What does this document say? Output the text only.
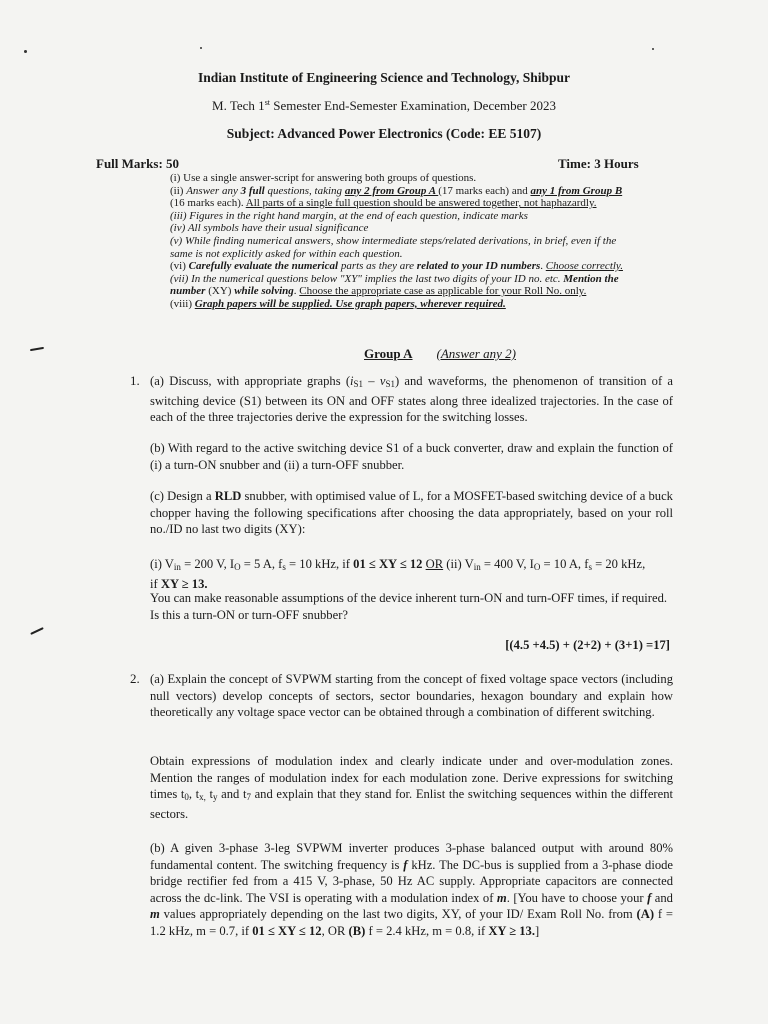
Indian Institute of Engineering Science and Technology, Shibpur
M. Tech 1st Semester End-Semester Examination, December 2023
Subject: Advanced Power Electronics (Code: EE 5107)
Full Marks: 50	Time: 3 Hours
(i) Use a single answer-script for answering both groups of questions.
(ii) Answer any 3 full questions, taking any 2 from Group A (17 marks each) and any 1 from Group B
(16 marks each). All parts of a single full question should be answered together, not haphazardly.
(iii) Figures in the right hand margin, at the end of each question, indicate marks
(iv) All symbols have their usual significance
(v) While finding numerical answers, show intermediate steps/related derivations, in brief, even if the
same is not explicitly asked for within each question.
(vi) Carefully evaluate the numerical parts as they are related to your ID numbers. Choose correctly.
(vii) In the numerical questions below "XY" implies the last two digits of your ID no. etc. Mention the
number (XY) while solving. Choose the appropriate case as applicable for your Roll No. only.
(viii) Graph papers will be supplied. Use graph papers, wherever required.
Group A (Answer any 2)
1. (a) Discuss, with appropriate graphs $(i_{S1} - v_{S1})$ and waveforms, the phenomenon of transition of a switching device (S1) between its ON and OFF states along three idealized trajectories. In the case of each of the three trajectories derive the expression for the switching losses.
(b) With regard to the active switching device S1 of a buck converter, draw and explain the function of (i) a turn-ON snubber and (ii) a turn-OFF snubber.
(c) Design a RLD snubber, with optimised value of L, for a MOSFET-based switching device of a buck chopper having the following specifications after choosing the data appropriately, based on your roll no./ID no last two digits (XY):
(i) $V_{in} = 200$ V, $I_O = 5$ A, $f_s = 10$ kHz, if 01 ≤ XY ≤ 12 OR (ii) $V_{in} = 400$ V, $I_O = 10$ A, $f_s = 20$ kHz,
if XY ≥ 13.
You can make reasonable assumptions of the device inherent turn-ON and turn-OFF times, if required. Is this a turn-ON or turn-OFF snubber?
[(4.5 +4.5) + (2+2) + (3+1) =17]
2. (a) Explain the concept of SVPWM starting from the concept of fixed voltage space vectors (including null vectors) develop concepts of sectors, sector boundaries, hexagon boundary and explain how theoretically any voltage space vector can be obtained through a combination of different switching.
Obtain expressions of modulation index and clearly indicate under and over-modulation zones. Mention the ranges of modulation index for each modulation zone. Derive expressions for switching times $t_0$, $t_{x,}$ $t_y$ and $t_7$ and explain that they stand for. Enlist the switching sequences within the different sectors.
(b) A given 3-phase 3-leg SVPWM inverter produces 3-phase balanced output with around 80% fundamental content. The switching frequency is f kHz. The DC-bus is supplied from a 3-phase diode bridge rectifier fed from a 415 V, 3-phase, 50 Hz AC supply. Appropriate capacitors are connected across the dc-link. The VSI is operating with a modulation index of m. [You have to choose your f and m values appropriately depending on the last two digits, XY, of your ID/ Exam Roll No. from (A) f = 1.2 kHz, m = 0.7, if 01 ≤ XY ≤ 12, OR (B) f = 2.4 kHz, m = 0.8, if XY ≥ 13.]
